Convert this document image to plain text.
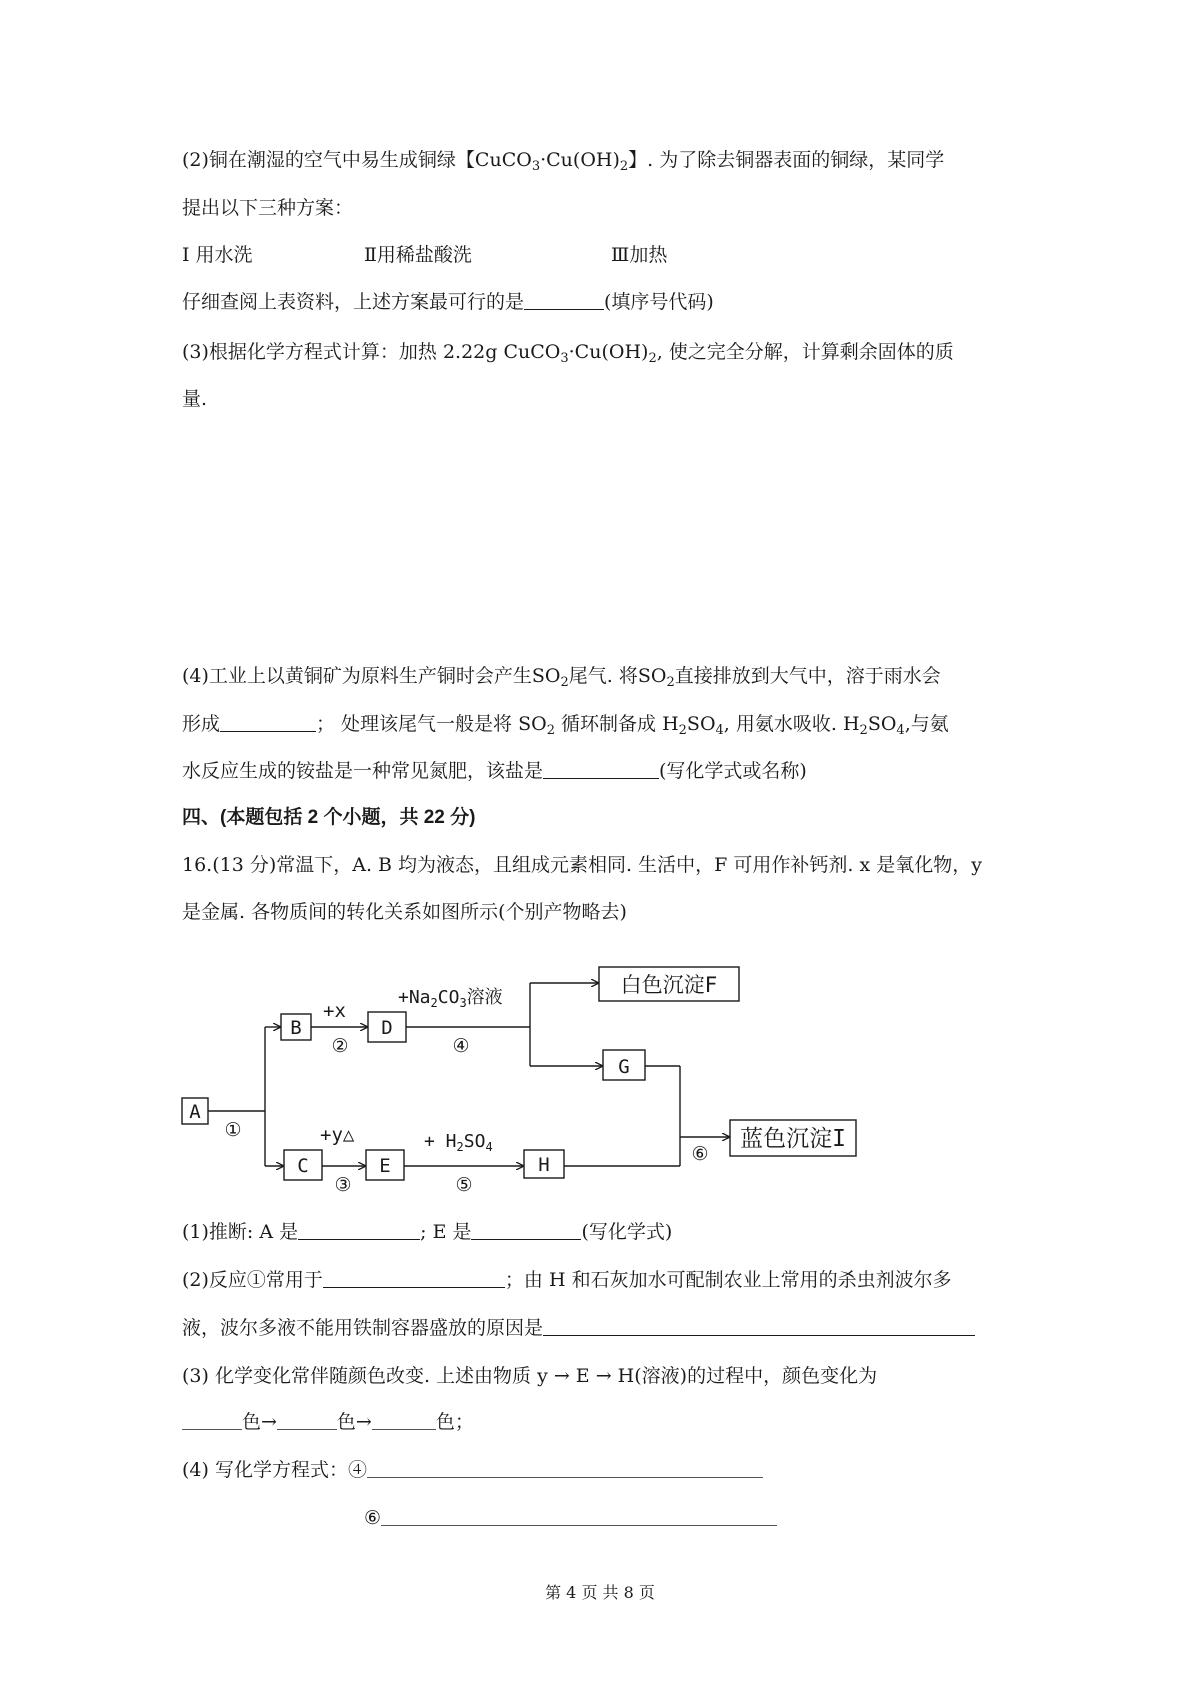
(2)铜在潮湿的空气中易生成铜绿【$CuCO_3\cdot Cu(OH)_2$】. 为了除去铜器表面的铜绿，某同学
提出以下三种方案：
Ⅰ 用水洗	Ⅱ用稀盐酸洗	Ⅲ加热
仔细查阅上表资料，上述方案最可行的是	(填序号代码)
(3)根据化学方程式计算：加热 2.22g $CuCO_3\cdot Cu(OH)_2$, 使之完全分解，计算剩余固体的质
量.
(4)工业上以黄铜矿为原料生产铜时会产生$SO_2$尾气. 将$SO_2$直接排放到大气中，溶于雨水会
形成	； 处理该尾气一般是将 $SO_2$ 循环制备成 $H_2SO_4$, 用氨水吸收. $H_2SO_4$,与氨
水反应生成的铵盐是一种常见氮肥，该盐是	(写化学式或名称)
四、(本题包括 2 个小题，共 22 分)
16.(13 分)常温下，A. B 均为液态，且组成元素相同. 生活中，F 可用作补钙剂. x 是氧化物，y
是金属. 各物质间的转化关系如图所示(个别产物略去)
A
B	D
C	E	H
G
白色沉淀F
蓝色沉淀I
+x
+y△
$+Na_2CO_3$溶液
+ $H_2SO_4$
①
②
③
④
⑤
⑥
(1)推断: A 是	; E 是	(写化学式)
(2)反应①常用于	；由 H 和石灰加水可配制农业上常用的杀虫剂波尔多
液，波尔多液不能用铁制容器盛放的原因是
(3) 化学变化常伴随颜色改变. 上述由物质 y → E → H(溶液)的过程中，颜色变化为
色→	色→	色；
(4) 写化学方程式：④
⑥
第 4 页 共 8 页
